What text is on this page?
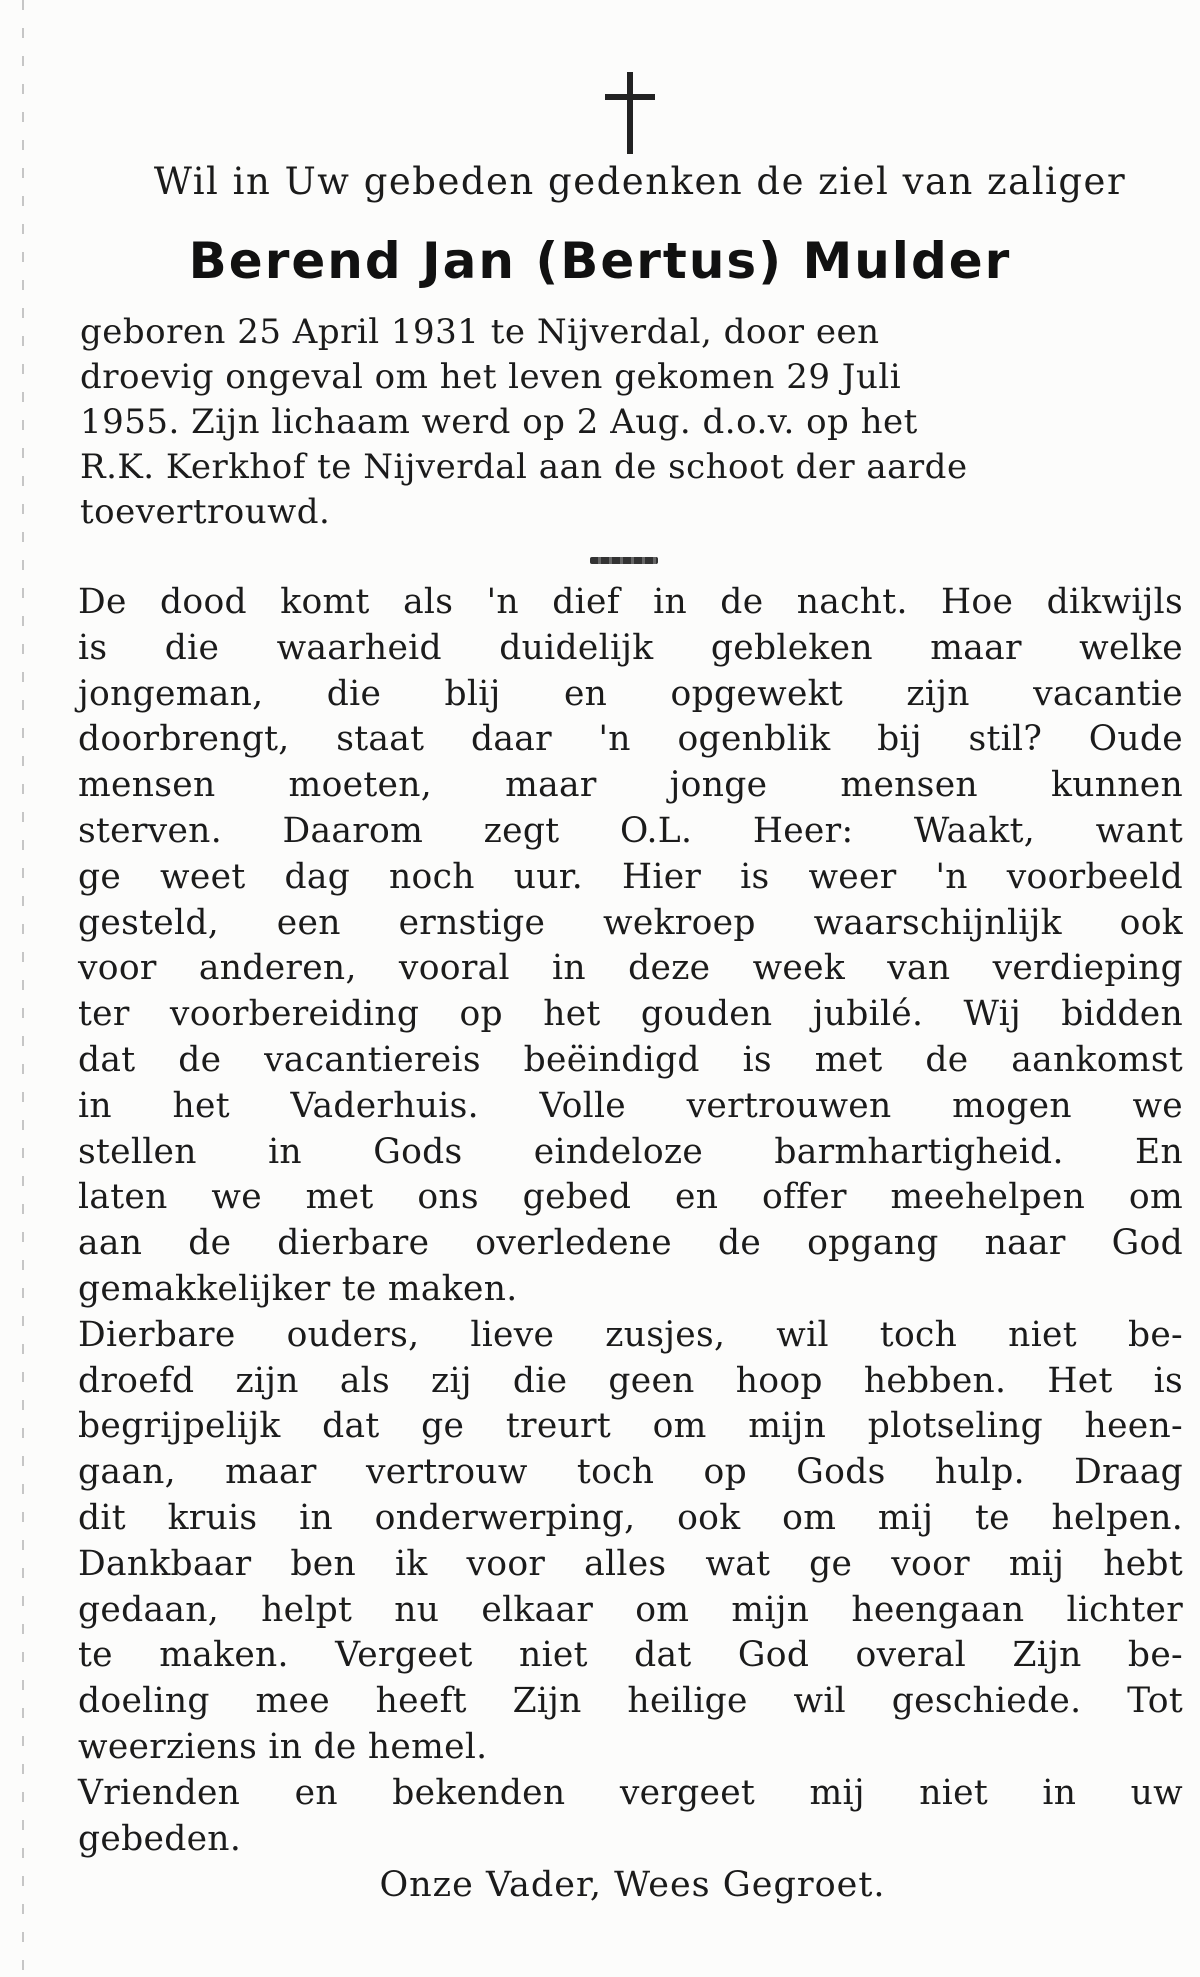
Wil in Uw gebeden gedenken de ziel van zaliger
Berend Jan (Bertus) Mulder
geboren 25 April 1931 te Nijverdal, door een
droevig ongeval om het leven gekomen 29 Juli
1955. Zijn lichaam werd op 2 Aug. d.o.v. op het
R.K. Kerkhof te Nijverdal aan de schoot der aarde
toevertrouwd.
De dood komt als 'n dief in de nacht. Hoe dikwijls
is die waarheid duidelijk gebleken maar welke
jongeman, die blij en opgewekt zijn vacantie
doorbrengt, staat daar 'n ogenblik bij stil? Oude
mensen moeten, maar jonge mensen kunnen
sterven. Daarom zegt O.L. Heer: Waakt, want
ge weet dag noch uur. Hier is weer 'n voorbeeld
gesteld, een ernstige wekroep waarschijnlijk ook
voor anderen, vooral in deze week van verdieping
ter voorbereiding op het gouden jubilé. Wij bidden
dat de vacantiereis beëindigd is met de aankomst
in het Vaderhuis. Volle vertrouwen mogen we
stellen in Gods eindeloze barmhartigheid. En
laten we met ons gebed en offer meehelpen om
aan de dierbare overledene de opgang naar God
gemakkelijker te maken.
Dierbare ouders, lieve zusjes, wil toch niet be-
droefd zijn als zij die geen hoop hebben. Het is
begrijpelijk dat ge treurt om mijn plotseling heen-
gaan, maar vertrouw toch op Gods hulp. Draag
dit kruis in onderwerping, ook om mij te helpen.
Dankbaar ben ik voor alles wat ge voor mij hebt
gedaan, helpt nu elkaar om mijn heengaan lichter
te maken. Vergeet niet dat God overal Zijn be-
doeling mee heeft Zijn heilige wil geschiede. Tot
weerziens in de hemel.
Vrienden en bekenden vergeet mij niet in uw
gebeden.
Onze Vader, Wees Gegroet.
